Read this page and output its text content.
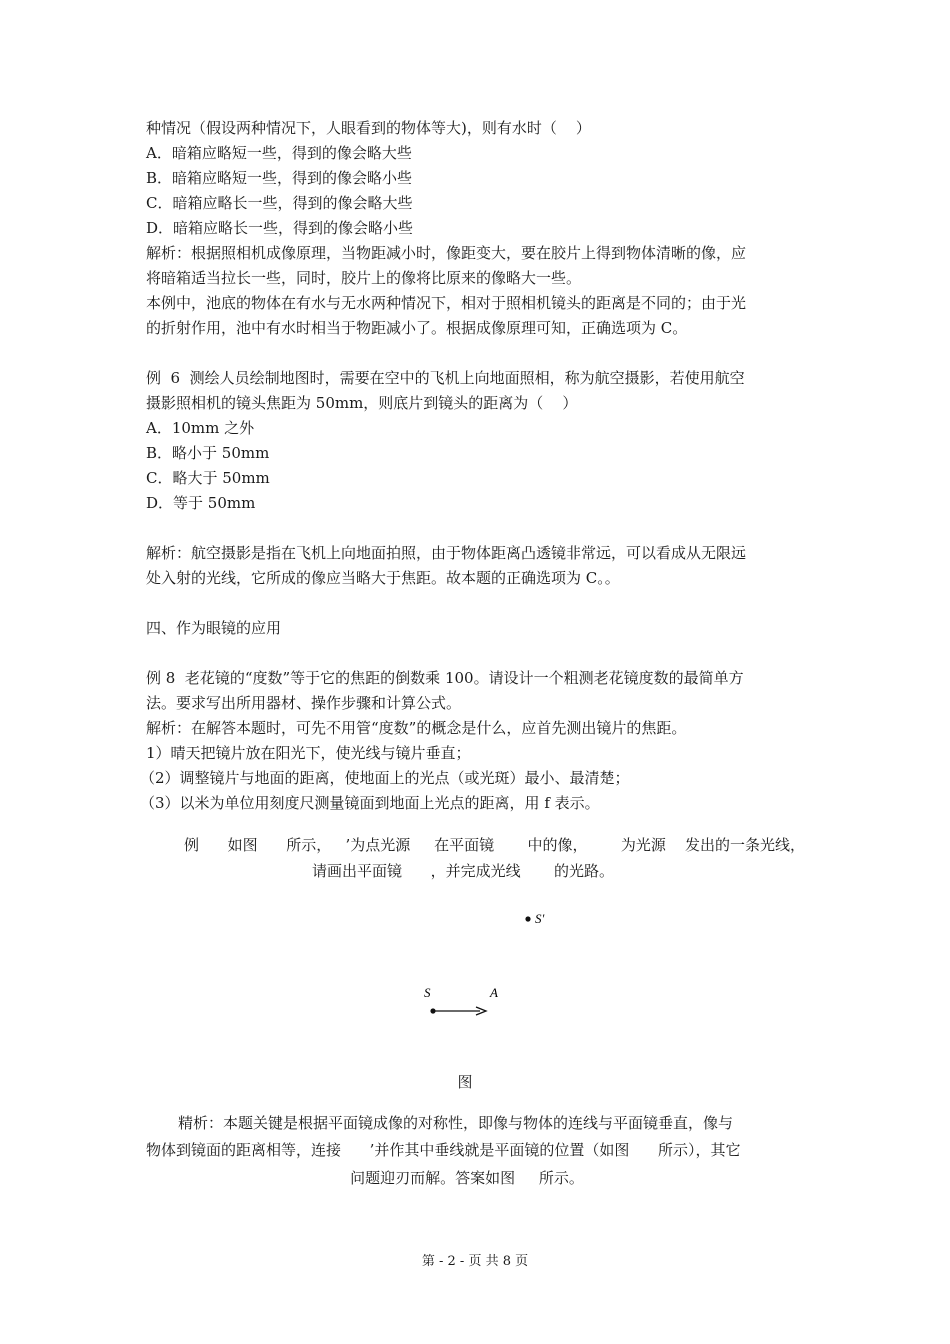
种情况（假设两种情况下，人眼看到的物体等大)，则有水时（    ）
A．暗箱应略短一些，得到的像会略大些
B．暗箱应略短一些，得到的像会略小些
C．暗箱应略长一些，得到的像会略大些
D．暗箱应略长一些，得到的像会略小些
解析：根据照相机成像原理，当物距减小时，像距变大，要在胶片上得到物体清晰的像，应
将暗箱适当拉长一些，同时，胶片上的像将比原来的像略大一些。
本例中，池底的物体在有水与无水两种情况下，相对于照相机镜头的距离是不同的；由于光
的折射作用，池中有水时相当于物距减小了。根据成像原理可知，正确选项为 C。
例  6  测绘人员绘制地图时，需要在空中的飞机上向地面照相，称为航空摄影，若使用航空
摄影照相机的镜头焦距为 50mm，则底片到镜头的距离为（    ）
A．10mm 之外
B．略小于 50mm
C．略大于 50mm
D．等于 50mm
解析：航空摄影是指在飞机上向地面拍照，由于物体距离凸透镜非常远，可以看成从无限远
处入射的光线，它所成的像应当略大于焦距。故本题的正确选项为 C。。
四、作为眼镜的应用
例 8  老花镜的“度数”等于它的焦距的倒数乘 100。请设计一个粗测老花镜度数的最简单方
法。要求写出所用器材、操作步骤和计算公式。
解析：在解答本题时，可先不用管“度数”的概念是什么，应首先测出镜片的焦距。
1）晴天把镜片放在阳光下，使光线与镜片垂直；
（2）调整镜片与地面的距离，使地面上的光点（或光斑）最小、最清楚；
（3）以米为单位用刻度尺测量镜面到地面上光点的距离，用 f 表示。
例      如图      所示，   ’为点光源     在平面镜       中的像，       为光源    发出的一条光线，
请画出平面镜      ，并完成光线       的光路。
S′
S	A
图
精析：本题关键是根据平面镜成像的对称性，即像与物体的连线与平面镜垂直，像与
物体到镜面的距离相等，连接      ’并作其中垂线就是平面镜的位置（如图      所示），其它
问题迎刃而解。答案如图     所示。
第 - 2 - 页 共 8 页
